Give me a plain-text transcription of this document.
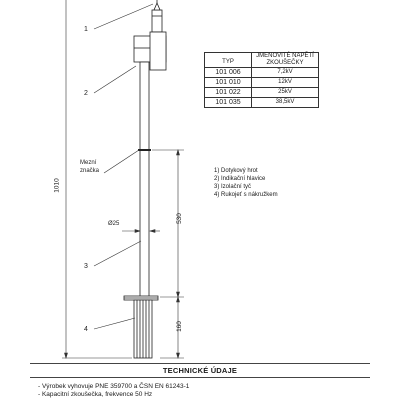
1
2
3
4
Mezní
značka
1010
530
160
Ø25
TYP	JMENOVITÉ NAPĚTÍ ZKOUŠEČKY
101 006	7,2kV
101 010	12kV
101 022	25kV
101 035	38,5kV
1) Dotykový hrot
2) Indikační hlavice
3) Izolační tyč
4) Rukojeť s nákružkem
TECHNICKÉ ÚDAJE
- Výrobek vyhovuje PNE 359700 a ČSN EN 61243-1
- Kapacitní zkoušečka, frekvence 50 Hz
